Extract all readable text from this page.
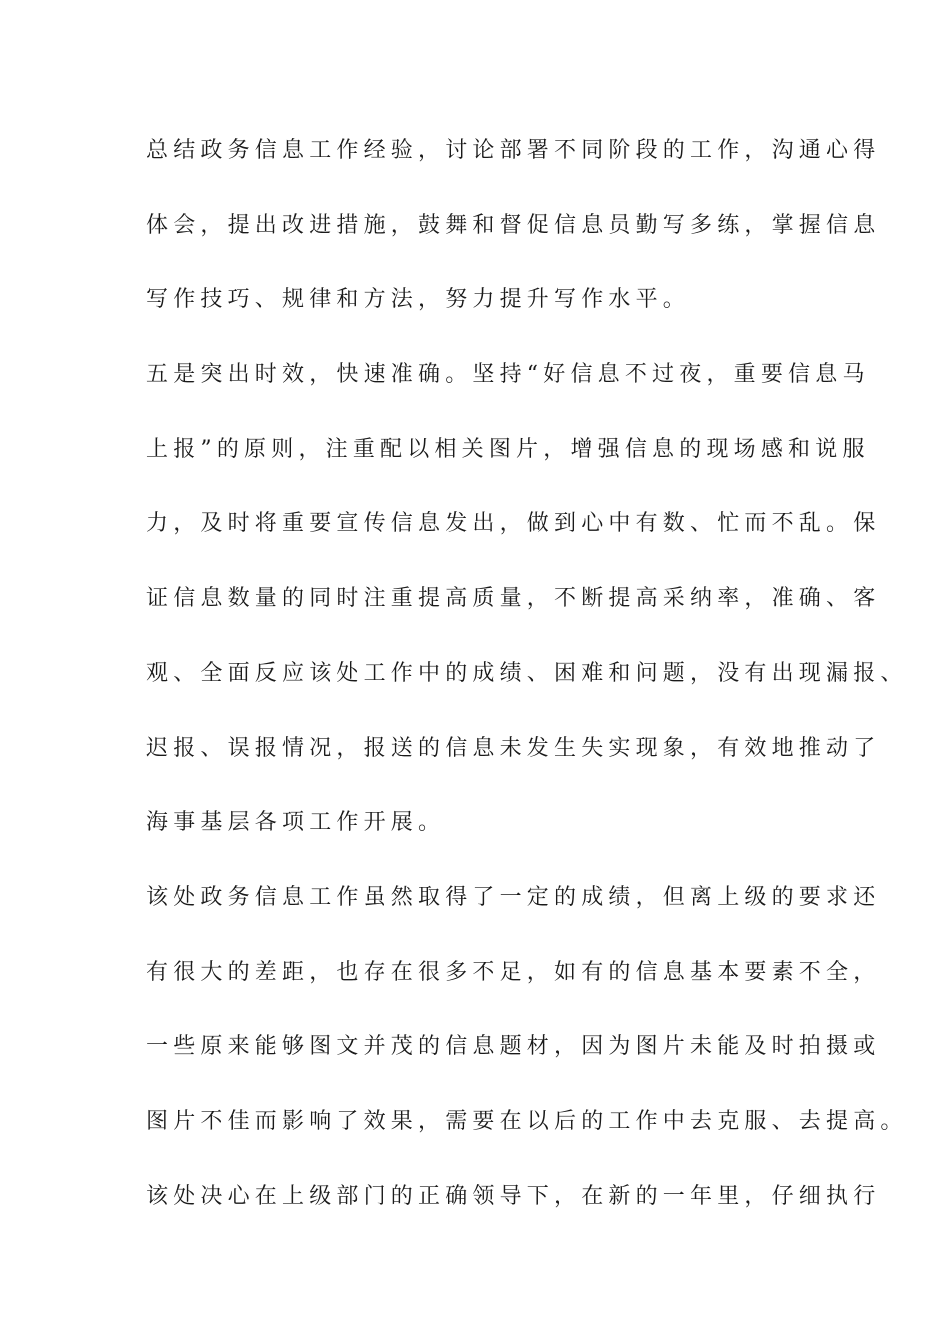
总结政务信息工作经验，讨论部署不同阶段的工作，沟通心得
体会，提出改进措施，鼓舞和督促信息员勤写多练，掌握信息
写作技巧、规律和方法，努力提升写作水平。
五是突出时效，快速准确。坚持“好信息不过夜，重要信息马
上报”的原则，注重配以相关图片，增强信息的现场感和说服
力，及时将重要宣传信息发出，做到心中有数、忙而不乱。保
证信息数量的同时注重提高质量，不断提高采纳率，准确、客
观、全面反应该处工作中的成绩、困难和问题，没有出现漏报、
迟报、误报情况，报送的信息未发生失实现象，有效地推动了
海事基层各项工作开展。
该处政务信息工作虽然取得了一定的成绩，但离上级的要求还
有很大的差距，也存在很多不足，如有的信息基本要素不全，
一些原来能够图文并茂的信息题材，因为图片未能及时拍摄或
图片不佳而影响了效果，需要在以后的工作中去克服、去提高。
该处决心在上级部门的正确领导下，在新的一年里，仔细执行
